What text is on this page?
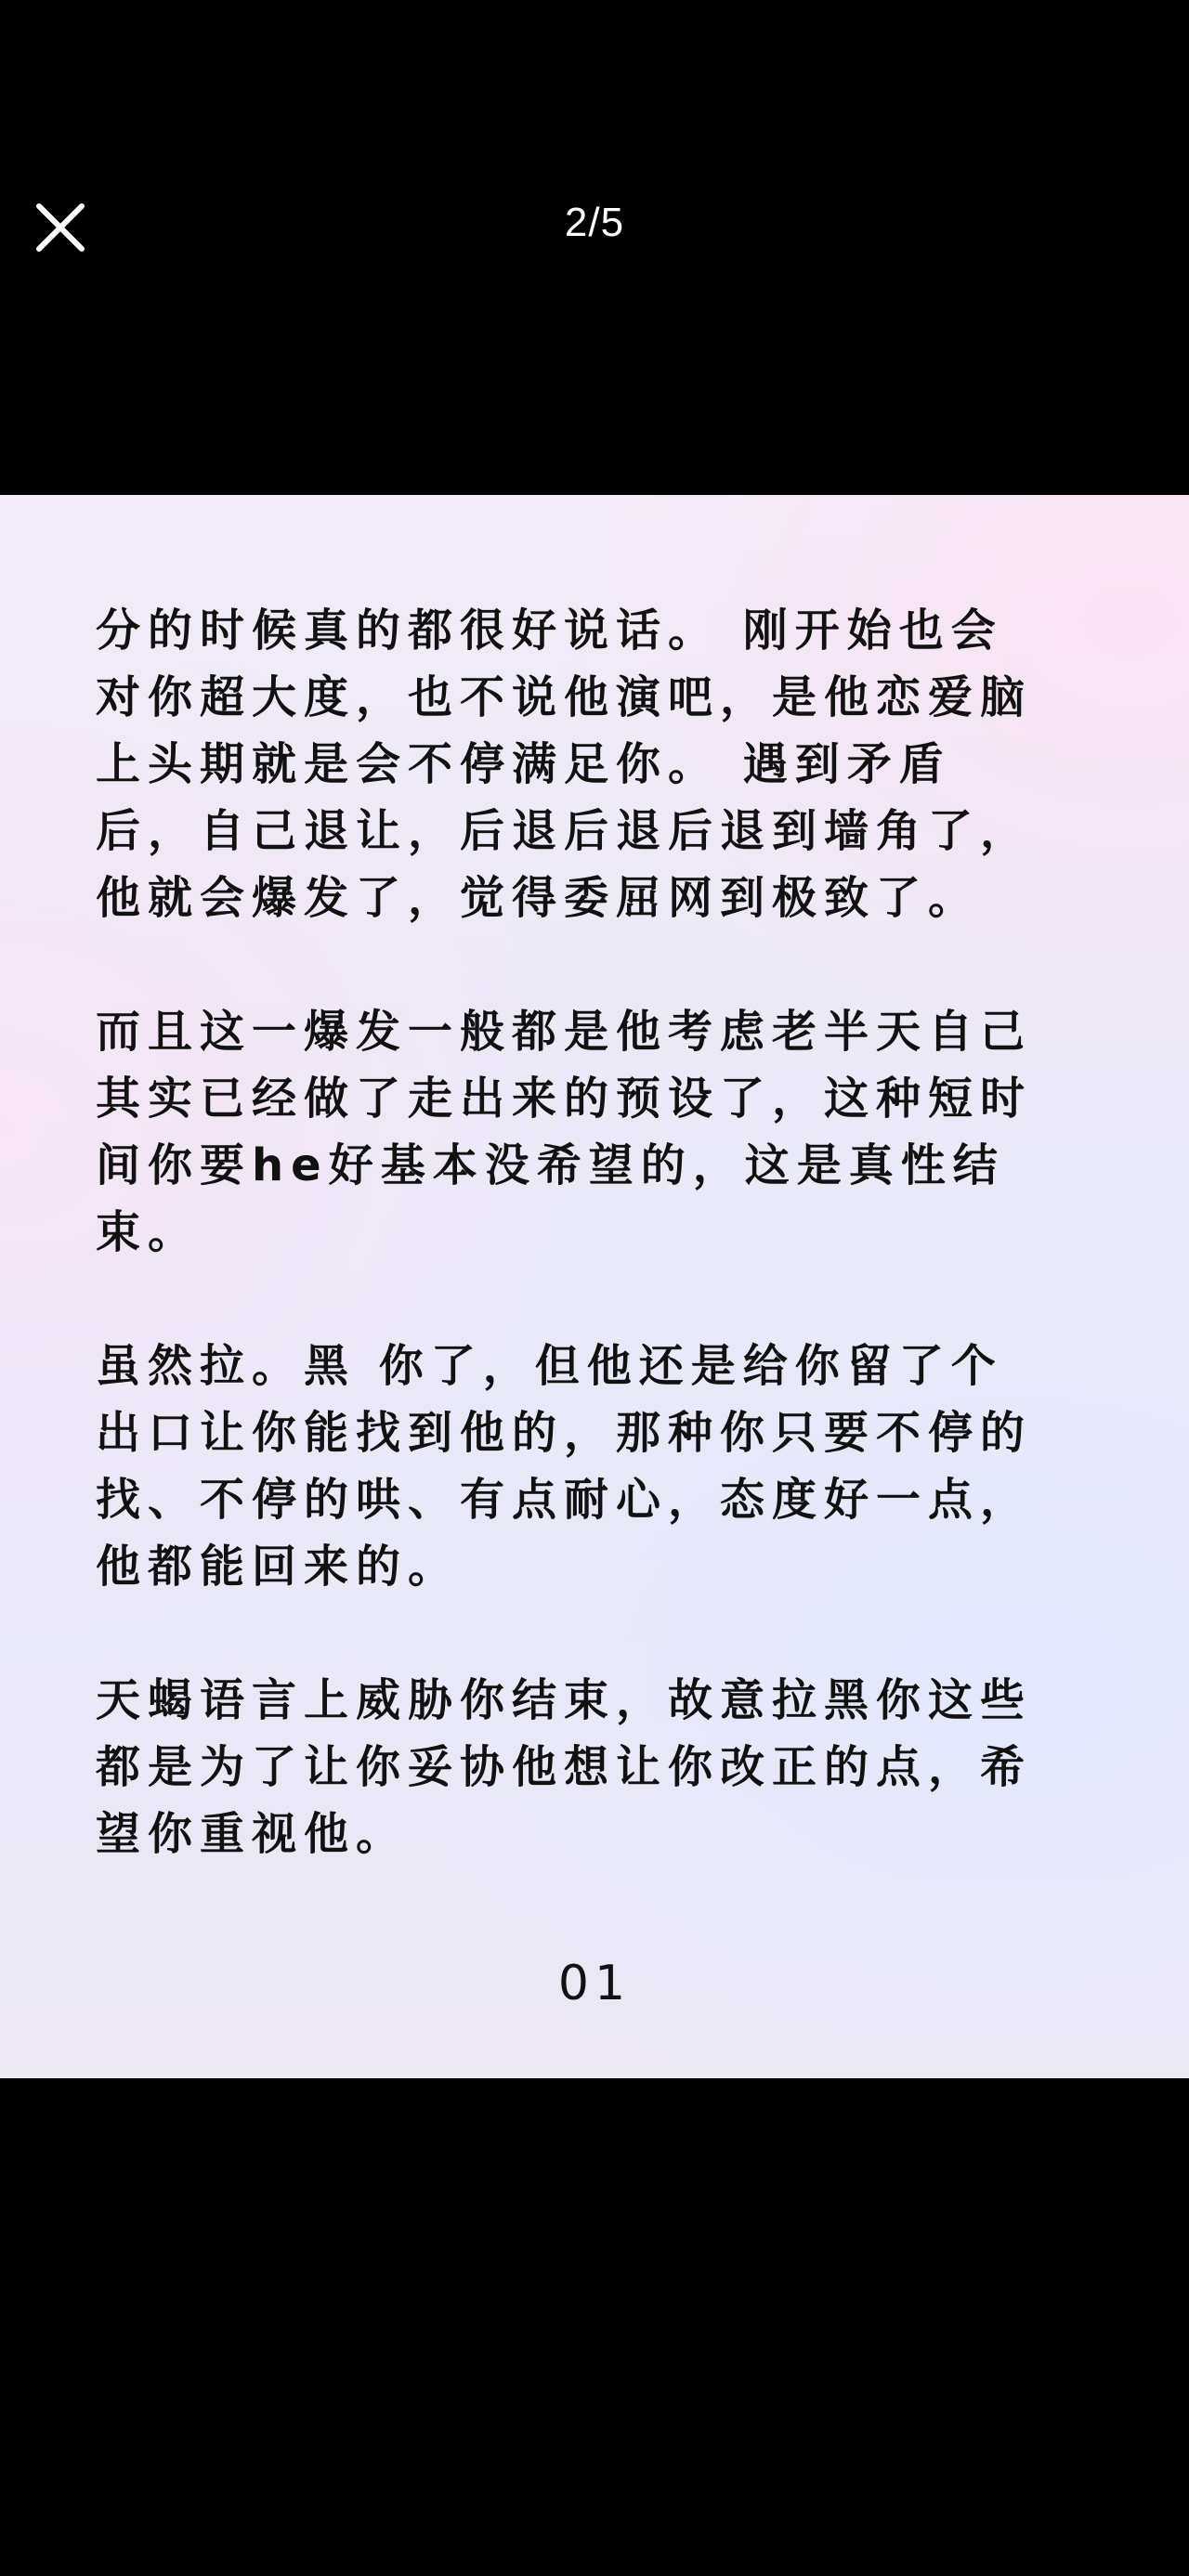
2/5
分的时候真的都很好说话。 刚开始也会
对你超大度，也不说他演吧，是他恋爱脑
上头期就是会不停满足你。 遇到矛盾
后，自己退让，后退后退后退到墙角了，
他就会爆发了，觉得委屈网到极致了。
而且这一爆发一般都是他考虑老半天自己
其实已经做了走出来的预设了，这种短时
间你要he好基本没希望的，这是真性结
束。
虽然拉。黑 你了，但他还是给你留了个
出口让你能找到他的，那种你只要不停的
找、不停的哄、有点耐心，态度好一点，
他都能回来的。
天蝎语言上威胁你结束，故意拉黑你这些
都是为了让你妥协他想让你改正的点，希
望你重视他。
01
